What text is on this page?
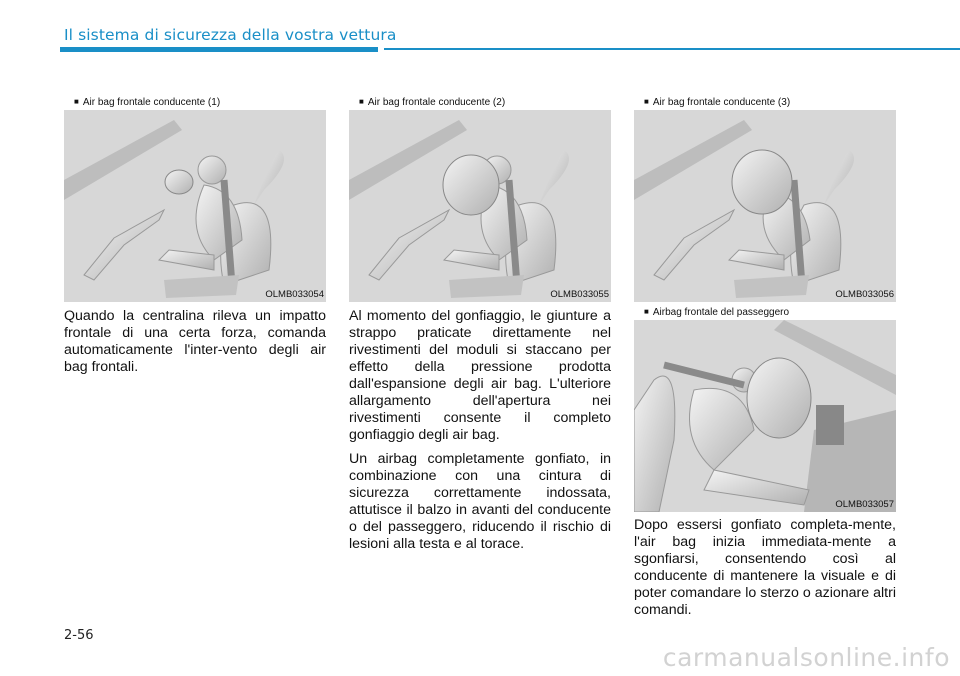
Il sistema di sicurezza della vostra vettura
■ Air bag frontale conducente (1)
OLMB033054
■ Air bag frontale conducente (2)
OLMB033055
■ Air bag frontale conducente (3)
OLMB033056
■ Airbag frontale del passeggero
OLMB033057

Quando la centralina rileva un impatto frontale di una certa forza, comanda automaticamente l'inter-vento degli air bag frontali.

Al momento del gonfiaggio, le giunture a strappo praticate direttamente nel rivestimenti del moduli si staccano per effetto della pressione prodotta dall'espansione degli air bag. L'ulteriore allargamento dell'apertura nei rivestimenti consente il completo gonfiaggio degli air bag.

Un airbag completamente gonfiato, in combinazione con una cintura di sicurezza correttamente indossata, attutisce il balzo in avanti del conducente o del passeggero, riducendo il rischio di lesioni alla testa e al torace.

Dopo essersi gonfiato completa-mente, l'air bag inizia immediata-mente a sgonfiarsi, consentendo così al conducente di mantenere la visuale e di poter comandare lo sterzo o azionare altri comandi.

2-56
carmanualsonline.info
